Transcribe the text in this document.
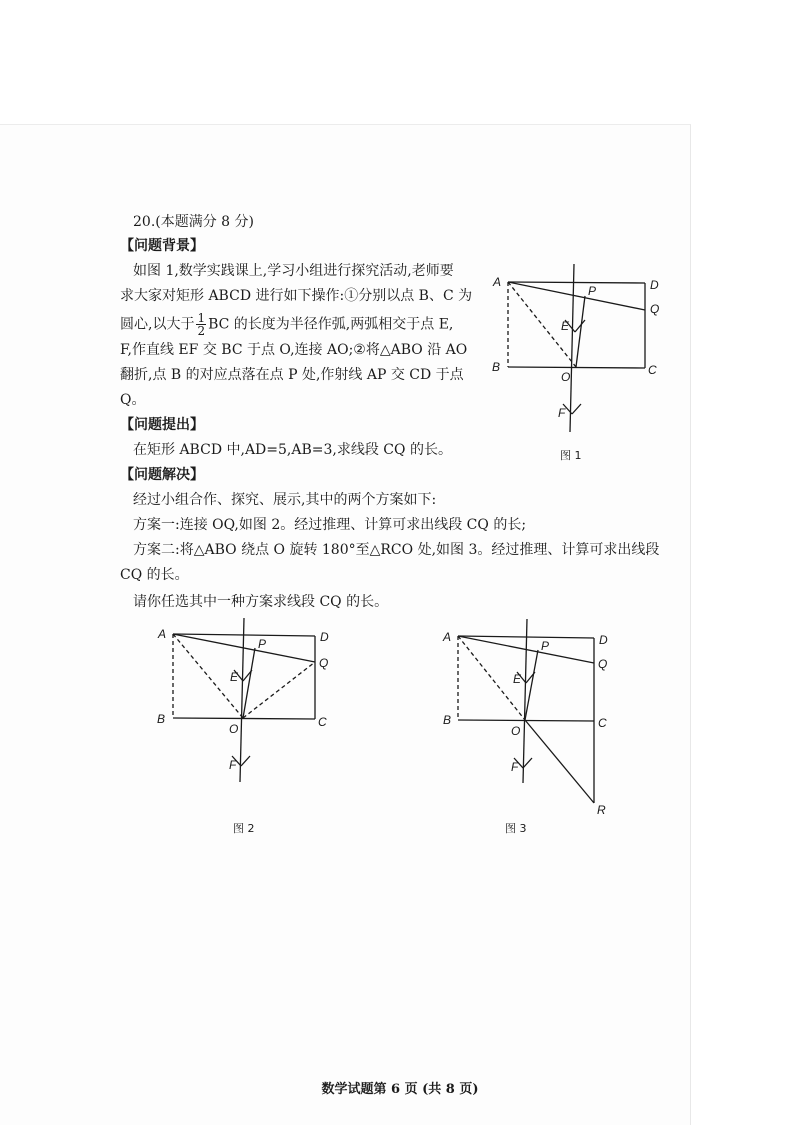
20.(本题满分 8 分)
【问题背景】
如图 1,数学实践课上,学习小组进行探究活动,老师要
求大家对矩形 ABCD 进行如下操作:①分别以点 B、C 为
圆心,以大于 $\frac{1}{2}$ BC 的长度为半径作弧,两弧相交于点 E,
F,作直线 EF 交 BC 于点 O,连接 AO;②将△ABO 沿 AO
翻折,点 B 的对应点落在点 P 处,作射线 AP 交 CD 于点
Q。
【问题提出】
在矩形 ABCD 中,AD=5,AB=3,求线段 CQ 的长。
【问题解决】
经过小组合作、探究、展示,其中的两个方案如下:
方案一:连接 OQ,如图 2。经过推理、计算可求出线段 CQ 的长;
方案二:将△ABO 绕点 O 旋转 180°至△RCO 处,如图 3。经过推理、计算可求出线段
CQ 的长。
请你任选其中一种方案求线段 CQ 的长。
A	D
P
Q
E
B
O	C
F
图 1
A	D
P
Q
E
B
O	C
F
图 2
A	D
P
Q
E
B
O
C
F
R
图 3
数学试题第 6 页 (共 8 页)
